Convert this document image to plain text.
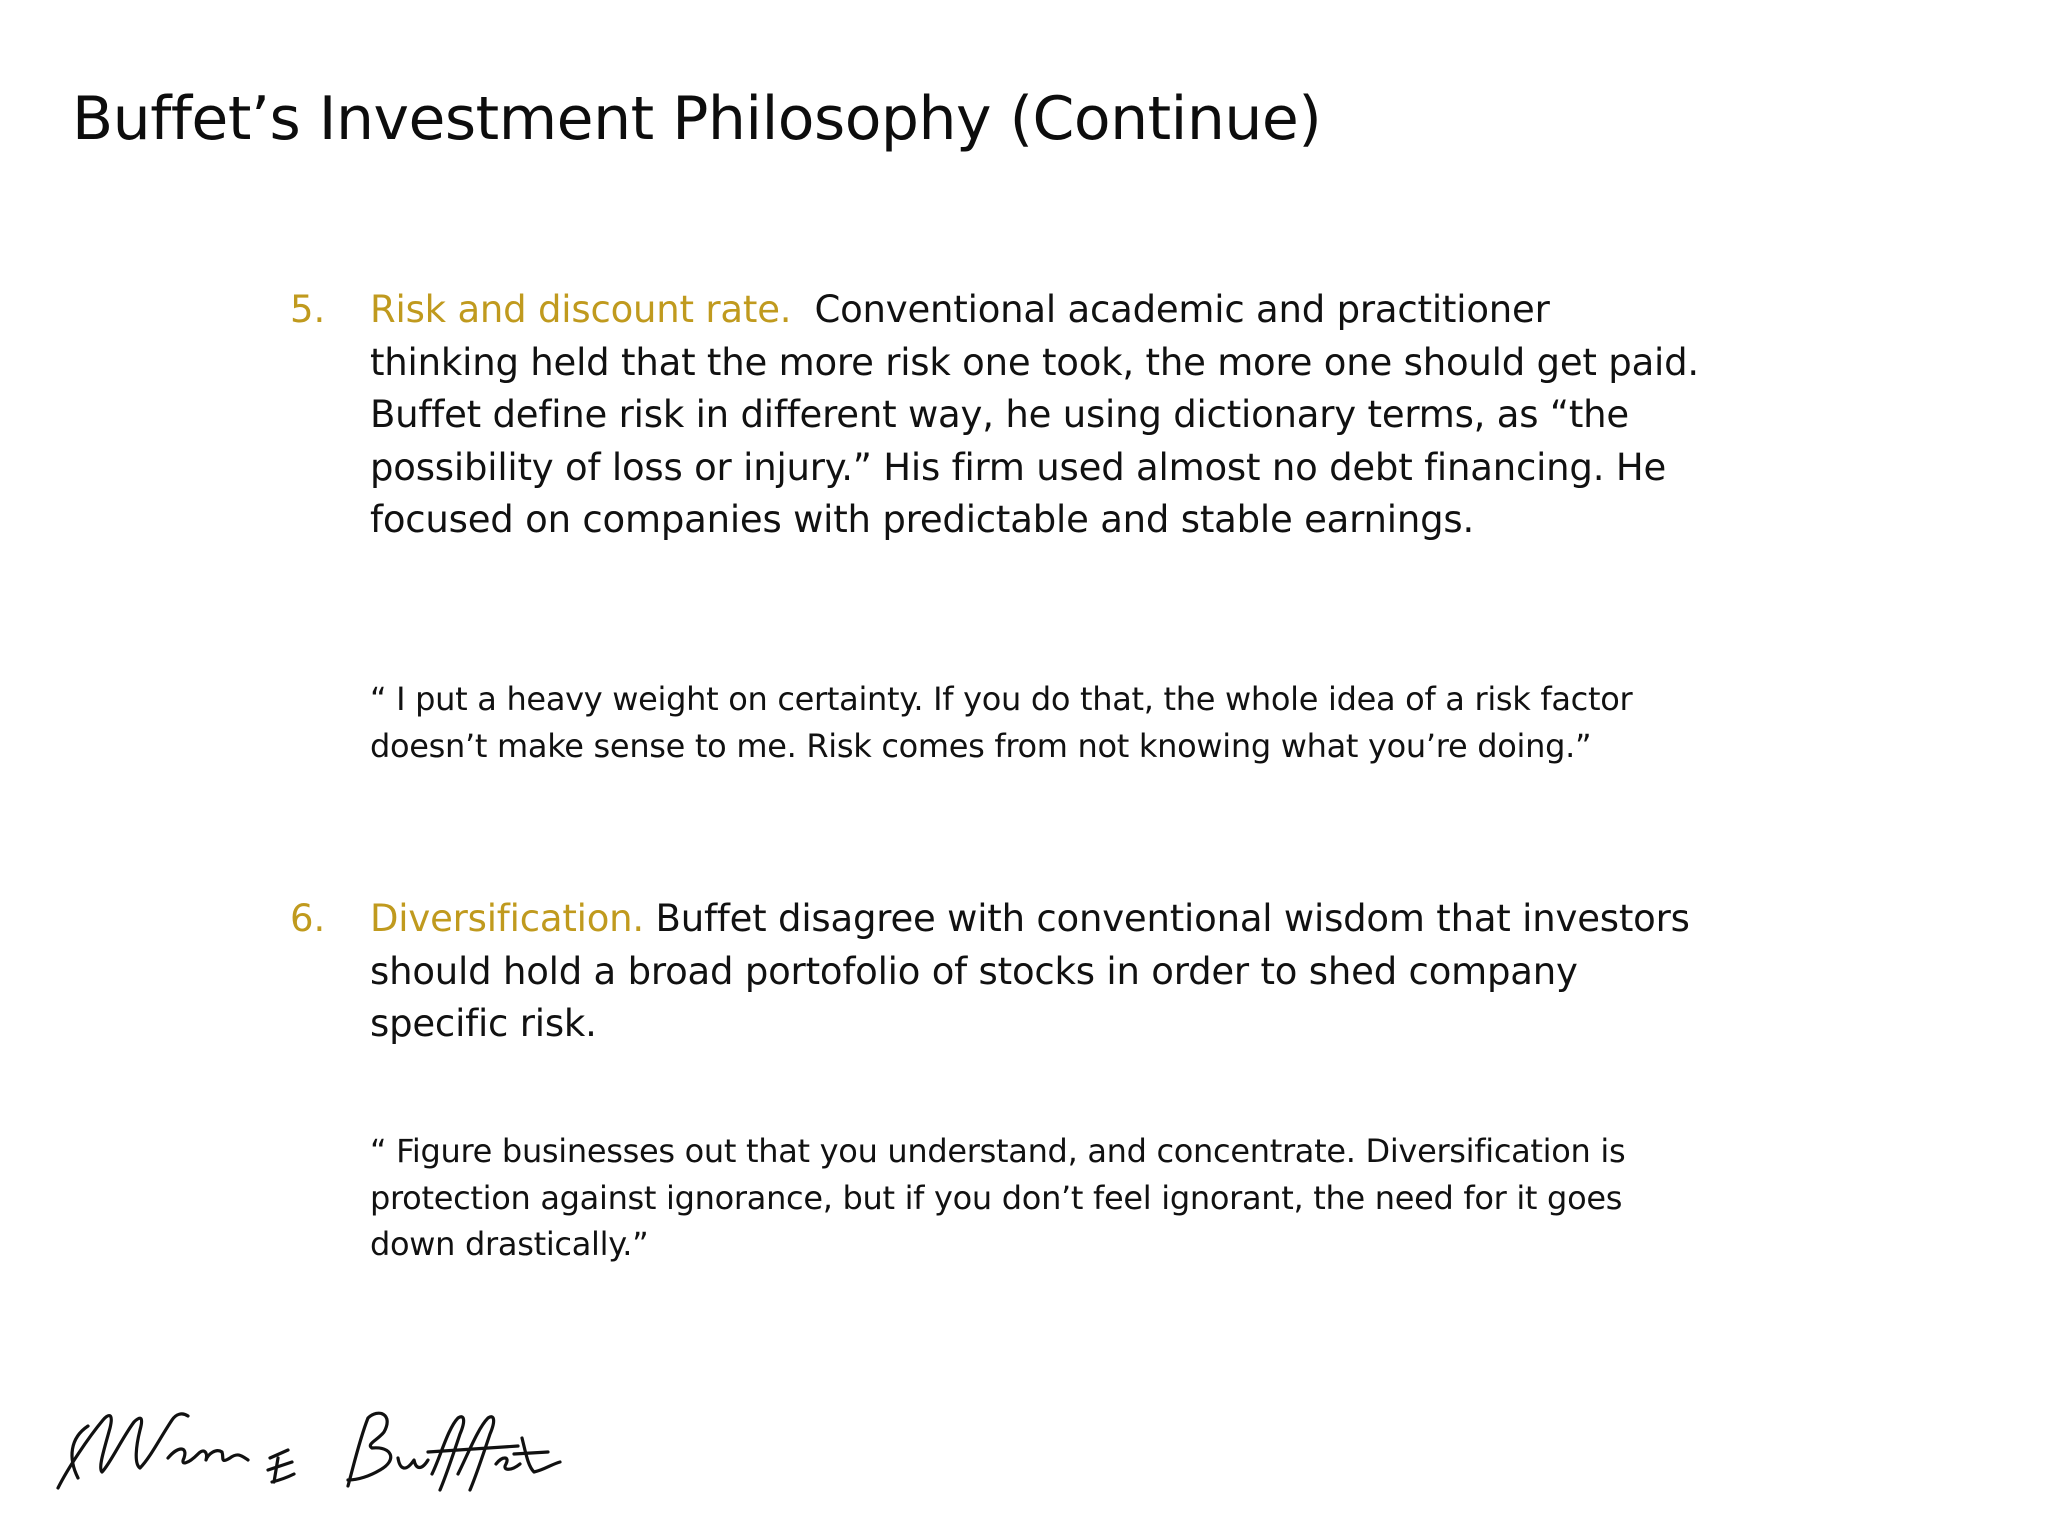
Buffet’s Investment Philosophy (Continue)
5. Risk and discount rate. Conventional academic and practitioner thinking held that the more risk one took, the more one should get paid. Buffet define risk in different way, he using dictionary terms, as “the possibility of loss or injury.” His firm used almost no debt financing. He focused on companies with predictable and stable earnings.

“ I put a heavy weight on certainty. If you do that, the whole idea of a risk factor doesn’t make sense to me. Risk comes from not knowing what you’re doing.”

6. Diversification. Buffet disagree with conventional wisdom that investors should hold a broad portofolio of stocks in order to shed company specific risk.

“ Figure businesses out that you understand, and concentrate. Diversification is protection against ignorance, but if you don’t feel ignorant, the need for it goes down drastically.”
